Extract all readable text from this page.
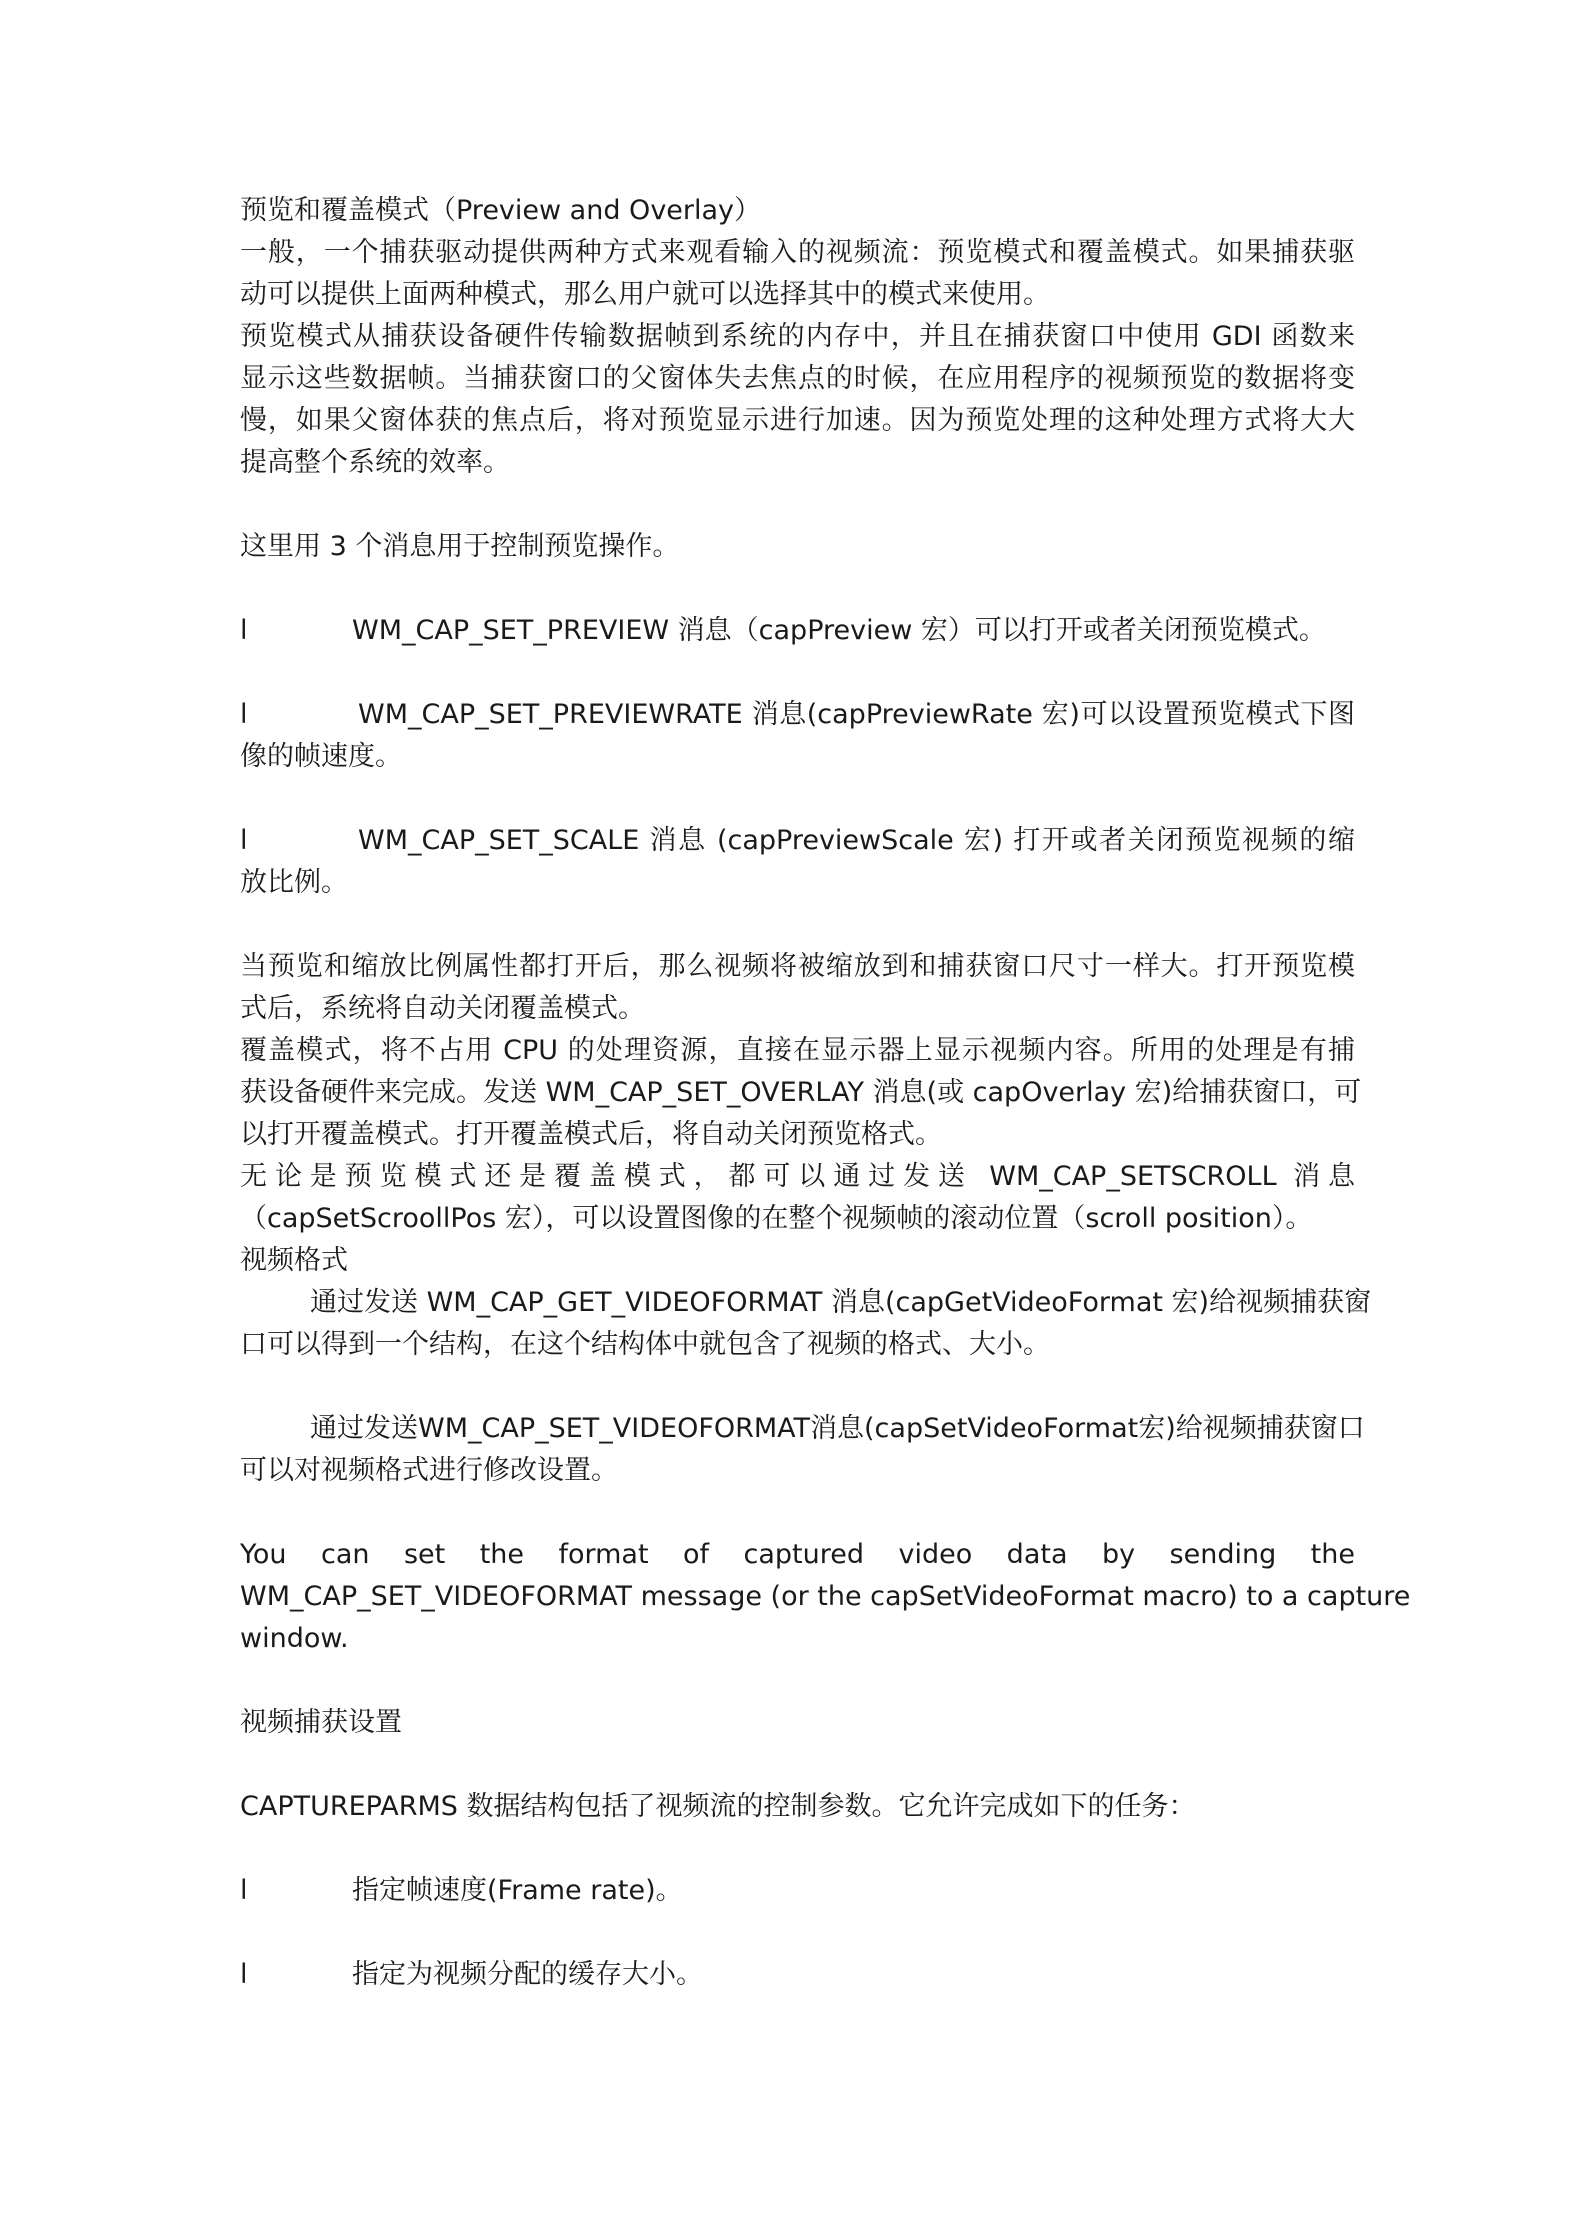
预览和覆盖模式（Preview and Overlay）
一般，一个捕获驱动提供两种方式来观看输入的视频流：预览模式和覆盖模式。如果捕获驱
动可以提供上面两种模式，那么用户就可以选择其中的模式来使用。
预览模式从捕获设备硬件传输数据帧到系统的内存中，并且在捕获窗口中使用 GDI 函数来
显示这些数据帧。当捕获窗口的父窗体失去焦点的时候，在应用程序的视频预览的数据将变
慢，如果父窗体获的焦点后，将对预览显示进行加速。因为预览处理的这种处理方式将大大
提高整个系统的效率。
这里用 3 个消息用于控制预览操作。
l	WM_CAP_SET_PREVIEW 消息（capPreview 宏）可以打开或者关闭预览模式。
l	WM_CAP_SET_PREVIEWRATE 消息(capPreviewRate 宏)可以设置预览模式下图
像的帧速度。
l	WM_CAP_SET_SCALE 消息 (capPreviewScale 宏) 打开或者关闭预览视频的缩
放比例。
当预览和缩放比例属性都打开后，那么视频将被缩放到和捕获窗口尺寸一样大。打开预览模
式后，系统将自动关闭覆盖模式。
覆盖模式，将不占用 CPU 的处理资源，直接在显示器上显示视频内容。所用的处理是有捕
获设备硬件来完成。发送 WM_CAP_SET_OVERLAY 消息(或 capOverlay 宏)给捕获窗口，可
以打开覆盖模式。打开覆盖模式后，将自动关闭预览格式。
无论是预览模式还是覆盖模式，都可以通过发送 WM_CAP_SETSCROLL 消息
（capSetScroollPos 宏），可以设置图像的在整个视频帧的滚动位置（scroll position）。
视频格式
通过发送 WM_CAP_GET_VIDEOFORMAT 消息(capGetVideoFormat 宏)给视频捕获窗
口可以得到一个结构，在这个结构体中就包含了视频的格式、大小。
通过发送WM_CAP_SET_VIDEOFORMAT消息(capSetVideoFormat宏)给视频捕获窗口
可以对视频格式进行修改设置。
You can set the format of captured video data by sending the
WM_CAP_SET_VIDEOFORMAT message (or the capSetVideoFormat macro) to a capture
window.
视频捕获设置
CAPTUREPARMS 数据结构包括了视频流的控制参数。它允许完成如下的任务：
l	指定帧速度(Frame rate)。
l	指定为视频分配的缓存大小。
